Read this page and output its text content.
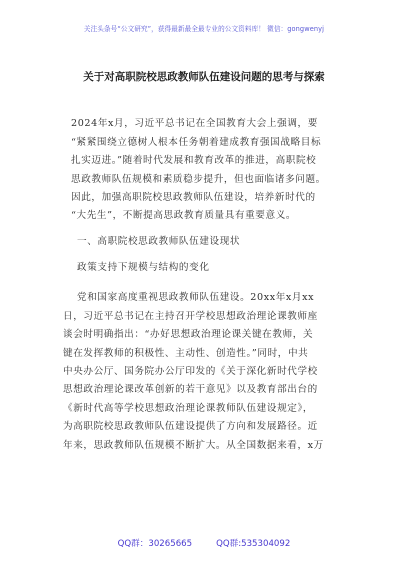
关注头条号“公文研究”，获得最新最全最专业的公文资料库！ 微信：gongwenyj
关于对高职院校思政教师队伍建设问题的思考与探索
2024年x月，习近平总书记在全国教育大会上强调，要
“紧紧围绕立德树人根本任务朝着建成教育强国战略目标
扎实迈进。”随着时代发展和教育改革的推进，高职院校
思政教师队伍规模和素质稳步提升，但也面临诸多问题。
因此，加强高职院校思政教师队伍建设，培养新时代的
“大先生”，不断提高思政教育质量具有重要意义。
一、高职院校思政教师队伍建设现状
政策支持下规模与结构的变化
党和国家高度重视思政教师队伍建设。20xx年x月xx
日，习近平总书记在主持召开学校思想政治理论课教师座
谈会时明确指出：“办好思想政治理论课关键在教师，关
键在发挥教师的积极性、主动性、创造性。”同时，中共
中央办公厅、国务院办公厅印发的《关于深化新时代学校
思想政治理论课改革创新的若干意见》以及教育部出台的
《新时代高等学校思想政治理论课教师队伍建设规定》，
为高职院校思政教师队伍建设提供了方向和发展路径。近
年来，思政教师队伍规模不断扩大。从全国数据来看，x万
QQ群：30265665	QQ群:535304092
